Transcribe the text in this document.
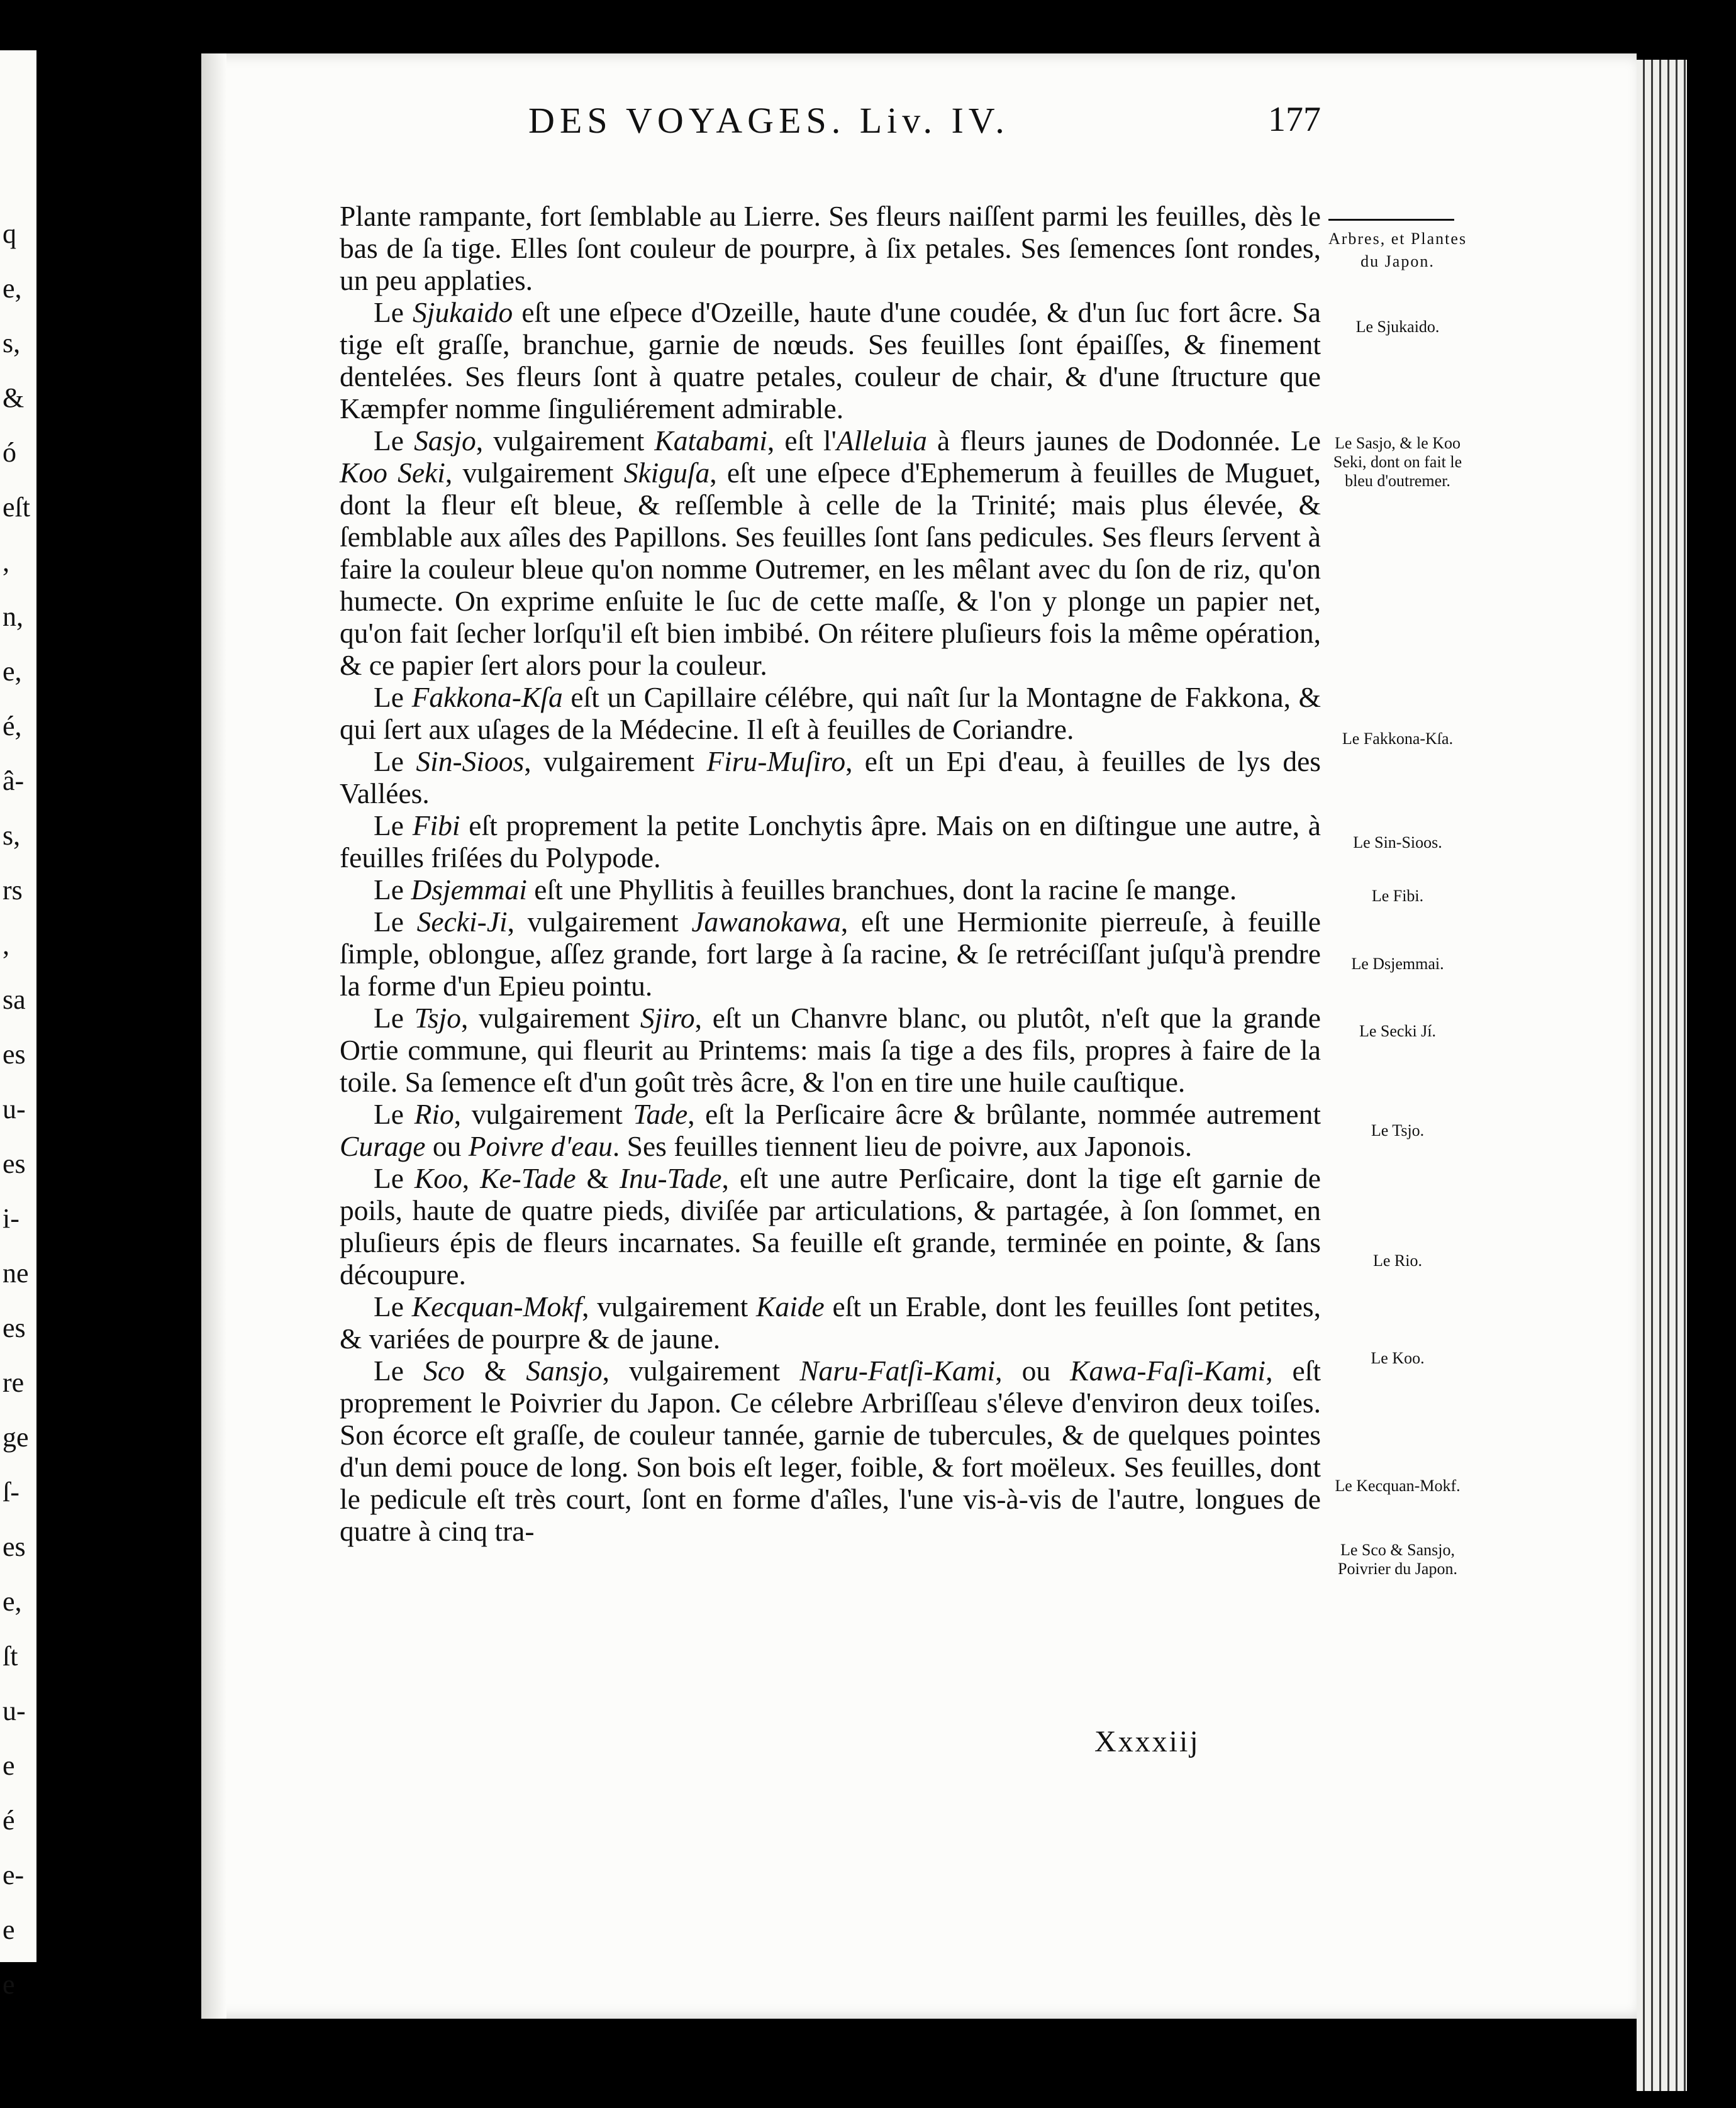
q
e,
s,
&
ó
eſt
,
n,
e,
é,
â-
s,
rs
,
sa
es
u-
es
i-
ne
es
re
ge
ſ-
es
e,
ſt
u-
e
é
e-
e
e
DES VOYAGES. Liv. IV.	177

Plante rampante, fort ſemblable au Lierre. Ses fleurs naiſſent parmi les feuilles, dès le bas de ſa tige. Elles ſont couleur de pourpre, à ſix petales. Ses ſemences ſont rondes, un peu applaties.

Le Sjukaido eſt une eſpece d'Ozeille, haute d'une coudée, & d'un ſuc fort âcre. Sa tige eſt graſſe, branchue, garnie de nœuds. Ses feuilles ſont épaiſſes, & finement dentelées. Ses fleurs ſont à quatre petales, couleur de chair, & d'une ſtructure que Kæmpfer nomme ſinguliérement admirable.

Le Sasjo, vulgairement Katabami, eſt l'Alleluia à fleurs jaunes de Dodonnée. Le Koo Seki, vulgairement Skiguſa, eſt une eſpece d'Ephemerum à feuilles de Muguet, dont la fleur eſt bleue, & reſſemble à celle de la Trinité; mais plus élevée, & ſemblable aux aîles des Papillons. Ses feuilles ſont ſans pedicules. Ses fleurs ſervent à faire la couleur bleue qu'on nomme Outremer, en les mêlant avec du ſon de riz, qu'on humecte. On exprime enſuite le ſuc de cette maſſe, & l'on y plonge un papier net, qu'on fait ſecher lorſqu'il eſt bien imbibé. On réitere pluſieurs fois la même opération, & ce papier ſert alors pour la couleur.

Le Fakkona-Kſa eſt un Capillaire célébre, qui naît ſur la Montagne de Fakkona, & qui ſert aux uſages de la Médecine. Il eſt à feuilles de Coriandre.

Le Sin-Sioos, vulgairement Firu-Muſiro, eſt un Epi d'eau, à feuilles de lys des Vallées.

Le Fibi eſt proprement la petite Lonchytis âpre. Mais on en diſtingue une autre, à feuilles friſées du Polypode.

Le Dsjemmai eſt une Phyllitis à feuilles branchues, dont la racine ſe mange.

Le Secki-Ji, vulgairement Jawanokawa, eſt une Hermionite pierreuſe, à feuille ſimple, oblongue, aſſez grande, fort large à ſa racine, & ſe retréciſſant juſqu'à prendre la forme d'un Epieu pointu.

Le Tsjo, vulgairement Sjiro, eſt un Chanvre blanc, ou plutôt, n'eſt que la grande Ortie commune, qui fleurit au Printems: mais ſa tige a des fils, propres à faire de la toile. Sa ſemence eſt d'un goût très âcre, & l'on en tire une huile cauſtique.

Le Rio, vulgairement Tade, eſt la Perſicaire âcre & brûlante, nommée autrement Curage ou Poivre d'eau. Ses feuilles tiennent lieu de poivre, aux Japonois.

Le Koo, Ke-Tade & Inu-Tade, eſt une autre Perſicaire, dont la tige eſt garnie de poils, haute de quatre pieds, diviſée par articulations, & partagée, à ſon ſommet, en pluſieurs épis de fleurs incarnates. Sa feuille eſt grande, terminée en pointe, & ſans découpure.

Le Kecquan-Mokf, vulgairement Kaide eſt un Erable, dont les feuilles ſont petites, & variées de pourpre & de jaune.

Le Sco & Sansjo, vulgairement Naru-Fatſi-Kami, ou Kawa-Faſi-Kami, eſt proprement le Poivrier du Japon. Ce célebre Arbriſſeau s'éleve d'environ deux toiſes. Son écorce eſt graſſe, de couleur tannée, garnie de tubercules, & de quelques pointes d'un demi pouce de long. Son bois eſt leger, foible, & fort moëleux. Ses feuilles, dont le pedicule eſt très court, ſont en forme d'aîles, l'une vis-à-vis de l'autre, longues de quatre à cinq tra-

Xxxxiij
Arbres, et Plantes du Japon.
Le Sjukaido.
Le Sasjo, & le Koo Seki, dont on fait le bleu d'outremer.
Le Fakkona-Kſa.
Le Sin-Sioos.
Le Fibi.
Le Dsjemmai.
Le Secki Jí.
Le Tsjo.
Le Rio.
Le Koo.
Le Kecquan-Mokf.
Le Sco & Sansjo, Poivrier du Japon.
